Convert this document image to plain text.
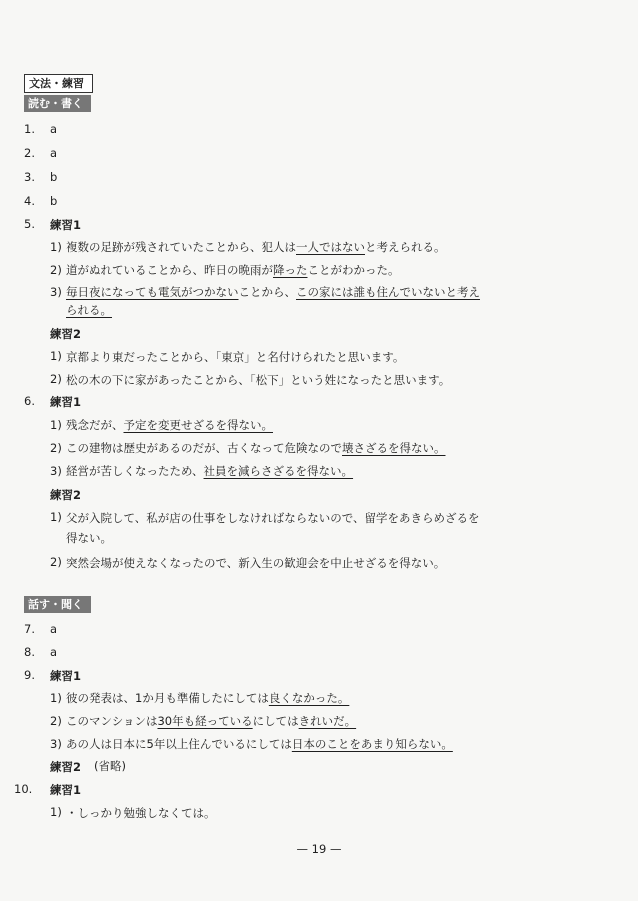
文法・練習
読む・書く
1.	a
2.	a
3.	b
4.	b
5.	練習1
1) 複数の足跡が残されていたことから、犯人は一人ではないと考えられる。
2) 道がぬれていることから、昨日の晩雨が降ったことがわかった。
3) 毎日夜になっても電気がつかないことから、この家には誰も住んでいないと考え
られる。
練習2
1) 京都より東だったことから、「東京」と名付けられたと思います。
2) 松の木の下に家があったことから、「松下」という姓になったと思います。
6.	練習1
1) 残念だが、予定を変更せざるを得ない。
2) この建物は歴史があるのだが、古くなって危険なので壊さざるを得ない。
3) 経営が苦しくなったため、社員を減らさざるを得ない。
練習2
1) 父が入院して、私が店の仕事をしなければならないので、留学をあきらめざるを
得ない。
2) 突然会場が使えなくなったので、新入生の歓迎会を中止せざるを得ない。
話す・聞く
7.	a
8.	a
9.	練習1
1) 彼の発表は、1か月も準備したにしては良くなかった。
2) このマンションは30年も経っているにしてはきれいだ。
3) あの人は日本に5年以上住んでいるにしては日本のことをあまり知らない。
練習2 (省略)
10.	練習1
1) ・しっかり勉強しなくては。
— 19 —
